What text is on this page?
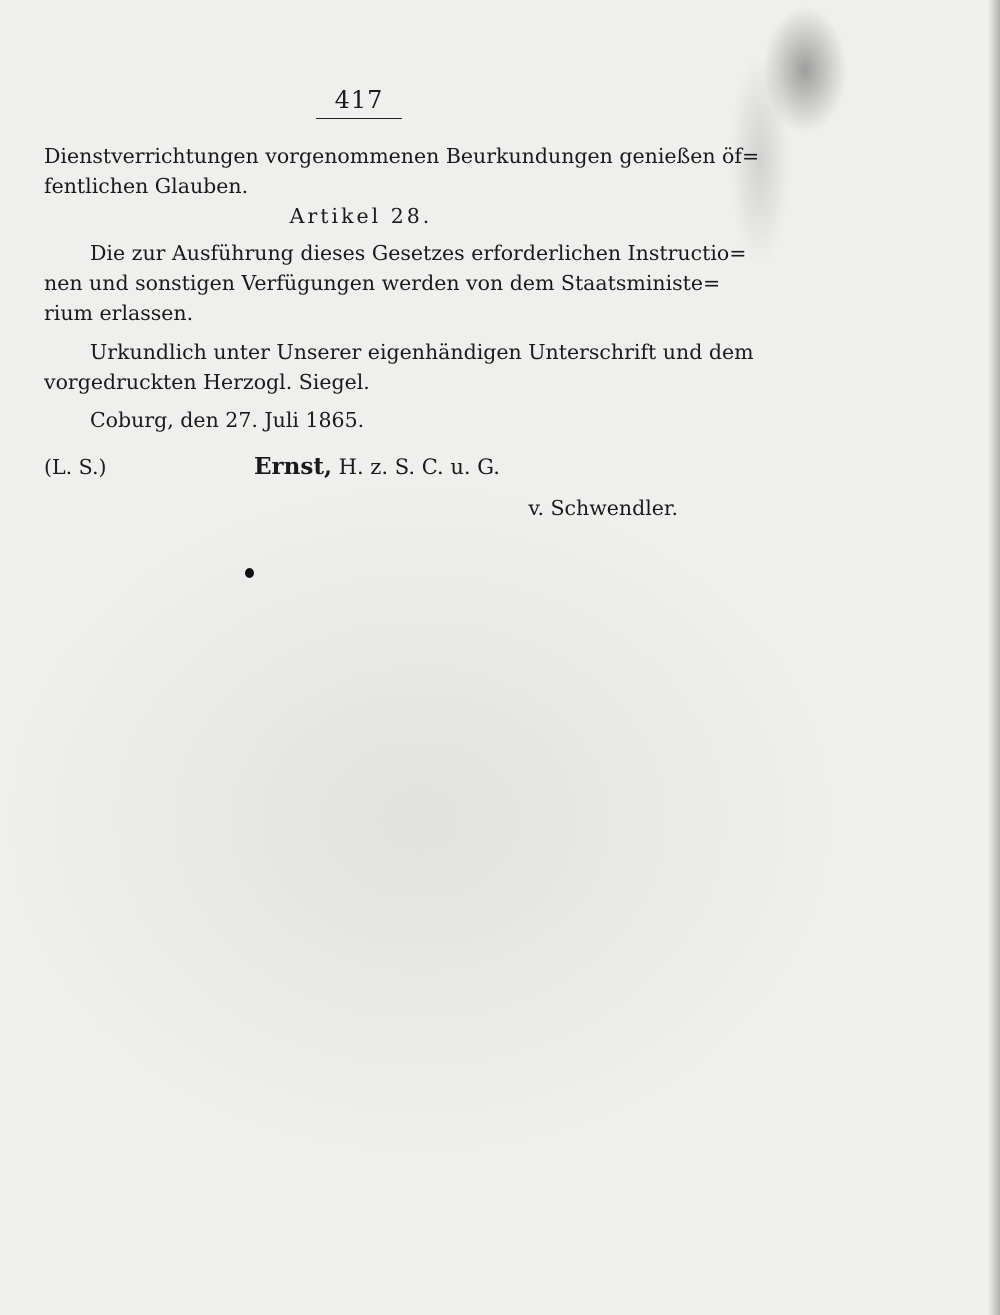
417
Dienstverrichtungen vorgenommenen Beurkundungen genießen öf=
fentlichen Glauben.
Artikel 28.
Die zur Ausführung dieses Gesetzes erforderlichen Instructio=
nen und sonstigen Verfügungen werden von dem Staatsministe=
rium erlassen.
Urkundlich unter Unserer eigenhändigen Unterschrift und dem
vorgedruckten Herzogl. Siegel.
Coburg, den 27. Juli 1865.
(L. S.)	Ernst, H. z. S. C. u. G.
v. Schwendler.
